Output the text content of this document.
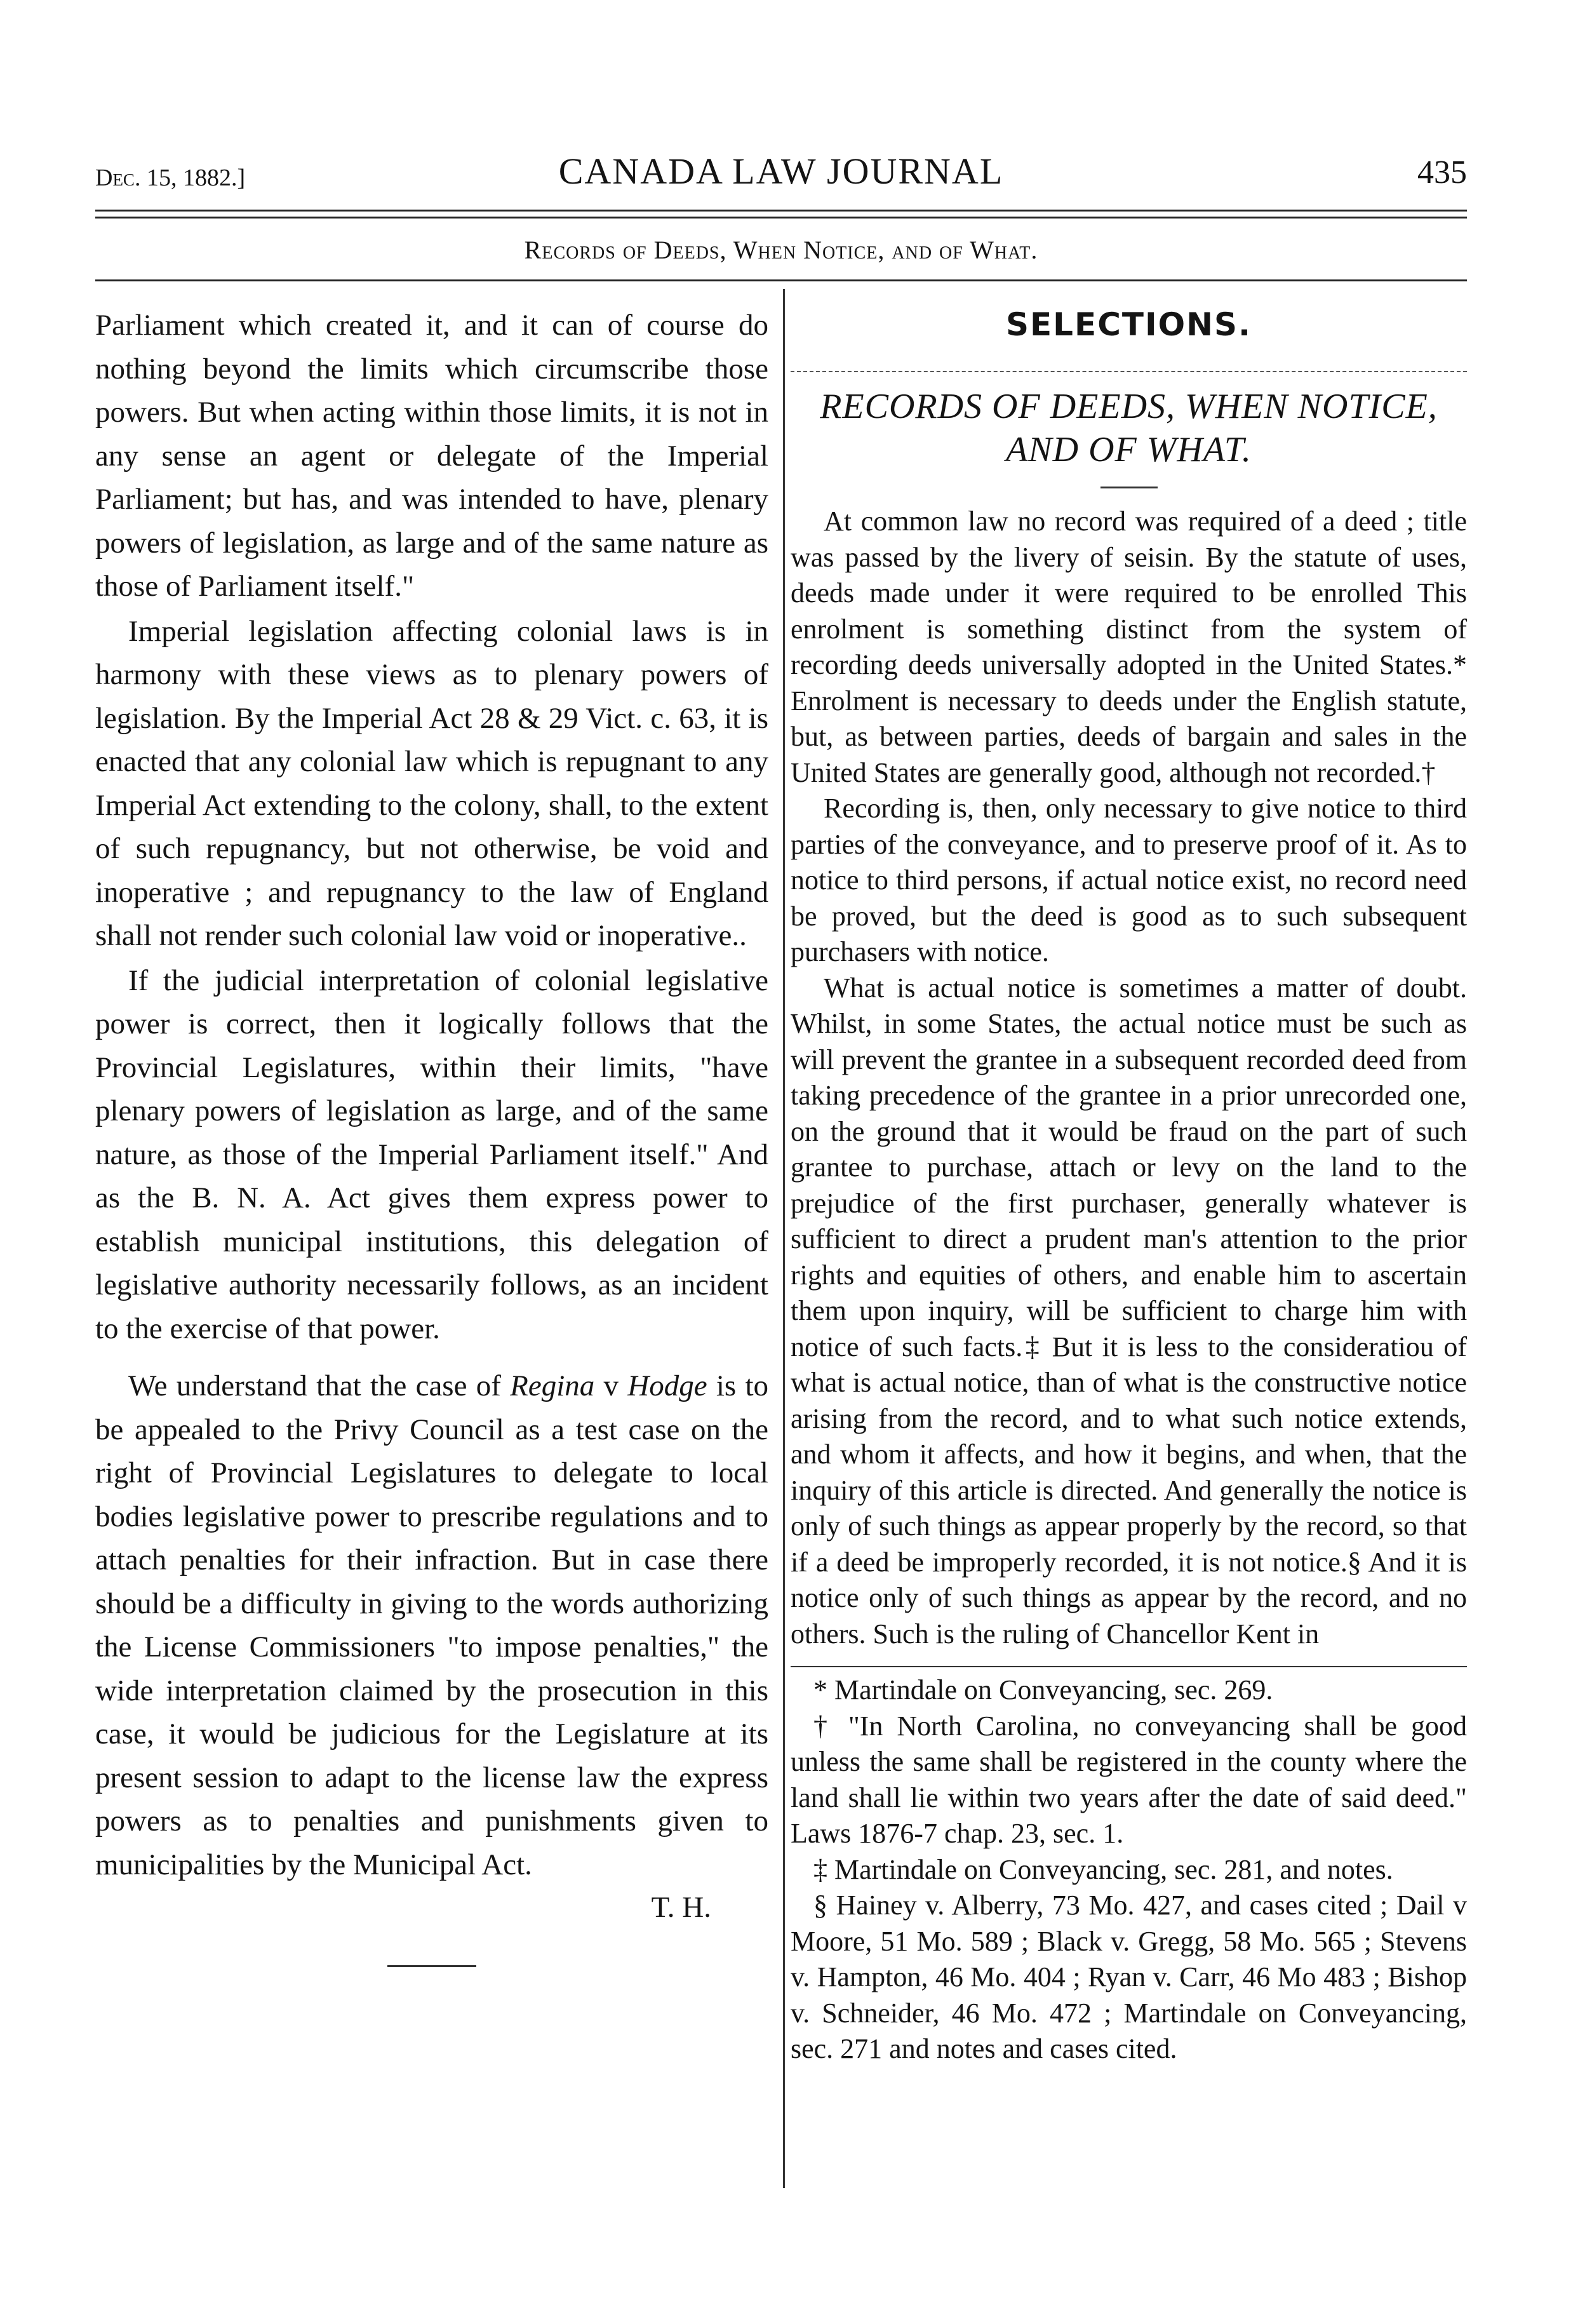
Dec. 15, 1882.]	CANADA LAW JOURNAL	435
Records of Deeds, When Notice, and of What.

Parliament which created it, and it can of course do nothing beyond the limits which circumscribe those powers. But when acting within those limits, it is not in any sense an agent or delegate of the Imperial Parliament; but has, and was intended to have, plenary powers of legislation, as large and of the same nature as those of Parliament itself."

Imperial legislation affecting colonial laws is in harmony with these views as to plenary powers of legislation. By the Imperial Act 28 & 29 Vict. c. 63, it is enacted that any colonial law which is repugnant to any Imperial Act extending to the colony, shall, to the extent of such repugnancy, but not otherwise, be void and inoperative ; and repugnancy to the law of England shall not render such colonial law void or inoperative..

If the judicial interpretation of colonial legislative power is correct, then it logically follows that the Provincial Legislatures, within their limits, "have plenary powers of legislation as large, and of the same nature, as those of the Imperial Parliament itself." And as the B. N. A. Act gives them express power to establish municipal institutions, this delegation of legislative authority necessarily follows, as an incident to the exercise of that power.

We understand that the case of Regina v Hodge is to be appealed to the Privy Council as a test case on the right of Provincial Legislatures to delegate to local bodies legislative power to prescribe regulations and to attach penalties for their infraction. But in case there should be a difficulty in giving to the words authorizing the License Commissioners "to impose penalties," the wide interpretation claimed by the prosecution in this case, it would be judicious for the Legislature at its present session to adapt to the license law the express powers as to penalties and punishments given to municipalities by the Municipal Act.

T. H.
SELECTIONS.
RECORDS OF DEEDS, WHEN NOTICE, AND OF WHAT.

At common law no record was required of a deed ; title was passed by the livery of seisin. By the statute of uses, deeds made under it were required to be enrolled This enrolment is something distinct from the system of recording deeds universally adopted in the United States.* Enrolment is necessary to deeds under the English statute, but, as between parties, deeds of bargain and sales in the United States are generally good, although not recorded.†

Recording is, then, only necessary to give notice to third parties of the conveyance, and to preserve proof of it. As to notice to third persons, if actual notice exist, no record need be proved, but the deed is good as to such subsequent purchasers with notice.

What is actual notice is sometimes a matter of doubt. Whilst, in some States, the actual notice must be such as will prevent the grantee in a subsequent recorded deed from taking precedence of the grantee in a prior unrecorded one, on the ground that it would be fraud on the part of such grantee to purchase, attach or levy on the land to the prejudice of the first purchaser, generally whatever is sufficient to direct a prudent man's attention to the prior rights and equities of others, and enable him to ascertain them upon inquiry, will be sufficient to charge him with notice of such facts.‡ But it is less to the consideratiou of what is actual notice, than of what is the constructive notice arising from the record, and to what such notice extends, and whom it affects, and how it begins, and when, that the inquiry of this article is directed. And generally the notice is only of such things as appear properly by the record, so that if a deed be improperly recorded, it is not notice.§ And it is notice only of such things as appear by the record, and no others. Such is the ruling of Chancellor Kent in

* Martindale on Conveyancing, sec. 269.

† "In North Carolina, no conveyancing shall be good unless the same shall be registered in the county where the land shall lie within two years after the date of said deed." Laws 1876-7 chap. 23, sec. 1.

‡ Martindale on Conveyancing, sec. 281, and notes.

§ Hainey v. Alberry, 73 Mo. 427, and cases cited ; Dail v Moore, 51 Mo. 589 ; Black v. Gregg, 58 Mo. 565 ; Stevens v. Hampton, 46 Mo. 404 ; Ryan v. Carr, 46 Mo 483 ; Bishop v. Schneider, 46 Mo. 472 ; Martindale on Conveyancing, sec. 271 and notes and cases cited.
